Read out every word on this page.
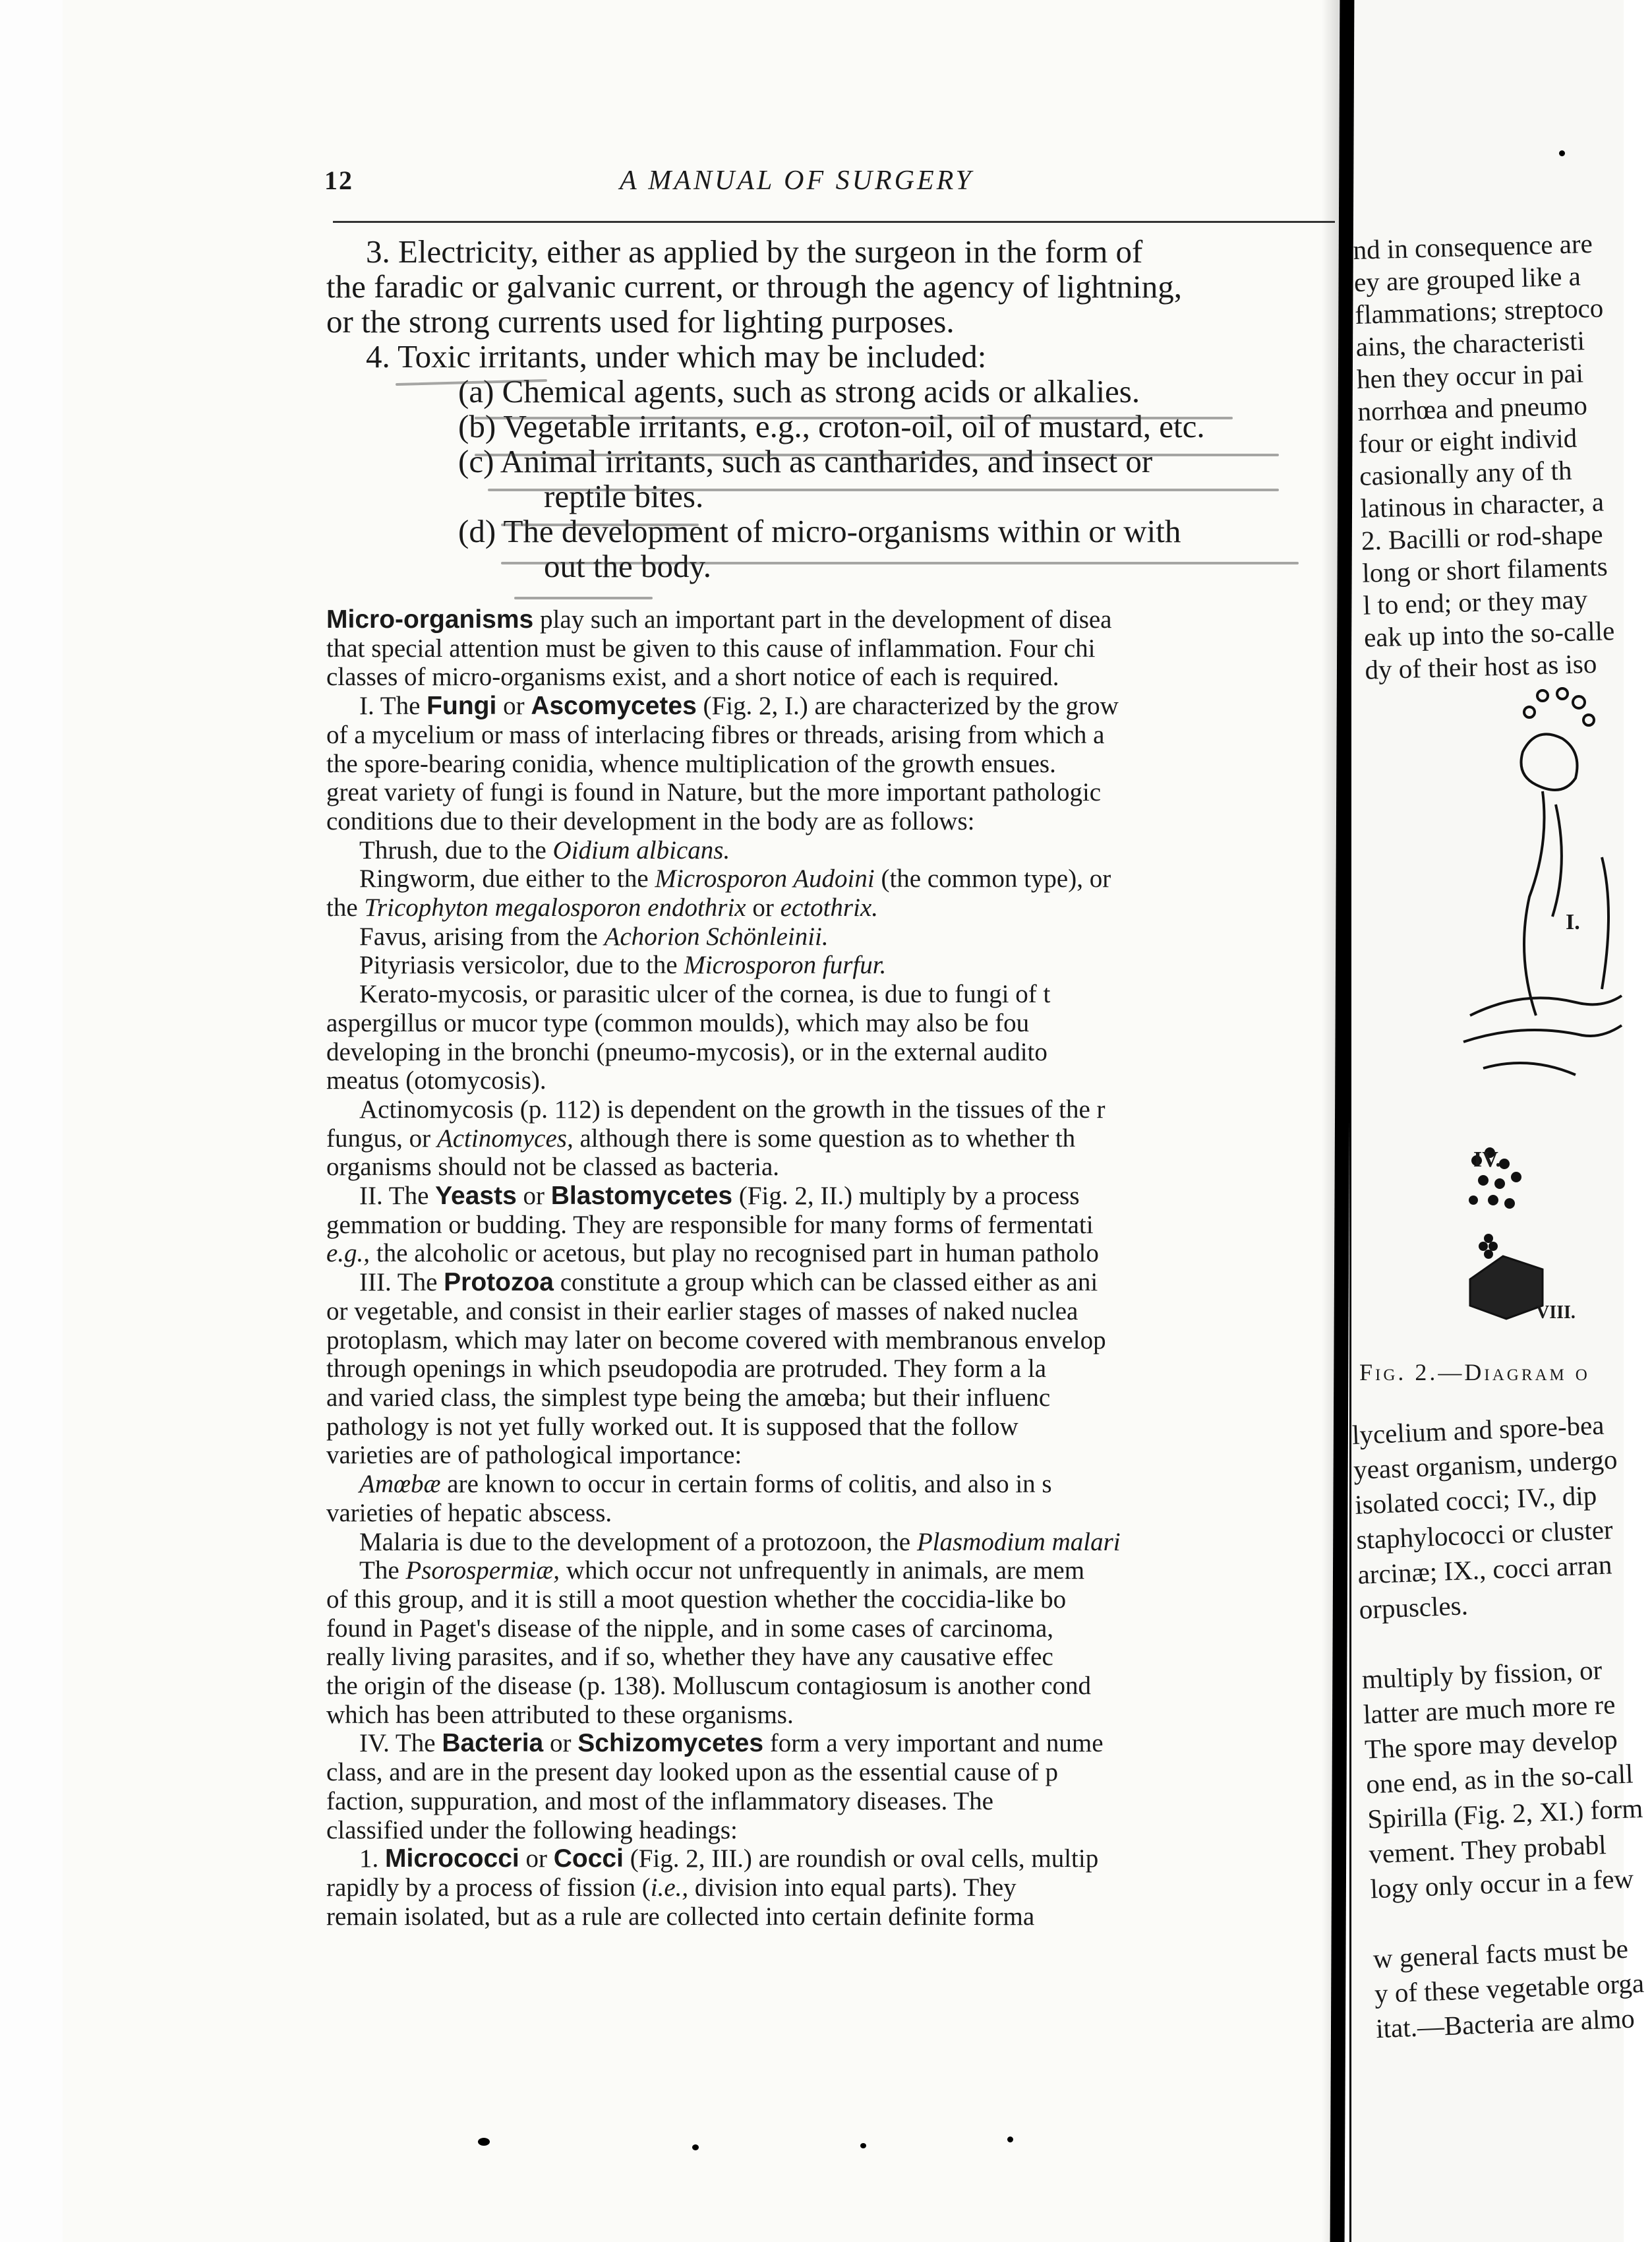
12	A MANUAL OF SURGERY

3. Electricity, either as applied by the surgeon in the form of

the faradic or galvanic current, or through the agency of lightning,

or the strong currents used for lighting purposes.

4. Toxic irritants, under which may be included:

(a) Chemical agents, such as strong acids or alkalies.

(b) Vegetable irritants, e.g., croton-oil, oil of mustard, etc.

(c) Animal irritants, such as cantharides, and insect or

reptile bites.

(d) The development of micro-organisms within or with

out the body.

Micro-organisms play such an important part in the development of disea

that special attention must be given to this cause of inflammation. Four chi

classes of micro-organisms exist, and a short notice of each is required.

I. The Fungi or Ascomycetes (Fig. 2, I.) are characterized by the grow

of a mycelium or mass of interlacing fibres or threads, arising from which a

the spore-bearing conidia, whence multiplication of the growth ensues.

great variety of fungi is found in Nature, but the more important pathologic

conditions due to their development in the body are as follows:

Thrush, due to the Oidium albicans.

Ringworm, due either to the Microsporon Audoini (the common type), or

the Tricophyton megalosporon endothrix or ectothrix.

Favus, arising from the Achorion Schönleinii.

Pityriasis versicolor, due to the Microsporon furfur.

Kerato-mycosis, or parasitic ulcer of the cornea, is due to fungi of t

aspergillus or mucor type (common moulds), which may also be fou

developing in the bronchi (pneumo-mycosis), or in the external audito

meatus (otomycosis).

Actinomycosis (p. 112) is dependent on the growth in the tissues of the r

fungus, or Actinomyces, although there is some question as to whether th

organisms should not be classed as bacteria.

II. The Yeasts or Blastomycetes (Fig. 2, II.) multiply by a process

gemmation or budding. They are responsible for many forms of fermentati

e.g., the alcoholic or acetous, but play no recognised part in human patholo

III. The Protozoa constitute a group which can be classed either as ani

or vegetable, and consist in their earlier stages of masses of naked nuclea

protoplasm, which may later on become covered with membranous envelop

through openings in which pseudopodia are protruded. They form a la

and varied class, the simplest type being the amœba; but their influenc

pathology is not yet fully worked out. It is supposed that the follow

varieties are of pathological importance:

Amœbæ are known to occur in certain forms of colitis, and also in s

varieties of hepatic abscess.

Malaria is due to the development of a protozoon, the Plasmodium malari

The Psorospermiæ, which occur not unfrequently in animals, are mem

of this group, and it is still a moot question whether the coccidia-like bo

found in Paget's disease of the nipple, and in some cases of carcinoma,

really living parasites, and if so, whether they have any causative effec

the origin of the disease (p. 138). Molluscum contagiosum is another cond

which has been attributed to these organisms.

IV. The Bacteria or Schizomycetes form a very important and nume

class, and are in the present day looked upon as the essential cause of p

faction, suppuration, and most of the inflammatory diseases. The

classified under the following headings:

1. Micrococci or Cocci (Fig. 2, III.) are roundish or oval cells, multip

rapidly by a process of fission (i.e., division into equal parts). They

remain isolated, but as a rule are collected into certain definite forma

nd in consequence are

ey are grouped like a

flammations; streptoco

ains, the characteristi

hen they occur in pai

norrhœa and pneumo

four or eight individ

casionally any of th

latinous in character, a

2. Bacilli or rod-shape

long or short filaments

l to end; or they may

eak up into the so-calle

dy of their host as iso

I.
IV.
VIII.
Fig. 2.—Diagram o

lycelium and spore-bea

yeast organism, undergo

isolated cocci; IV., dip

staphylococci or cluster

arcinæ; IX., cocci arran

orpuscles.

multiply by fission, or

latter are much more re

The spore may develop

one end, as in the so-call

Spirilla (Fig. 2, XI.) form

vement. They probabl

logy only occur in a few

w general facts must be

y of these vegetable orga

itat.—Bacteria are almo
